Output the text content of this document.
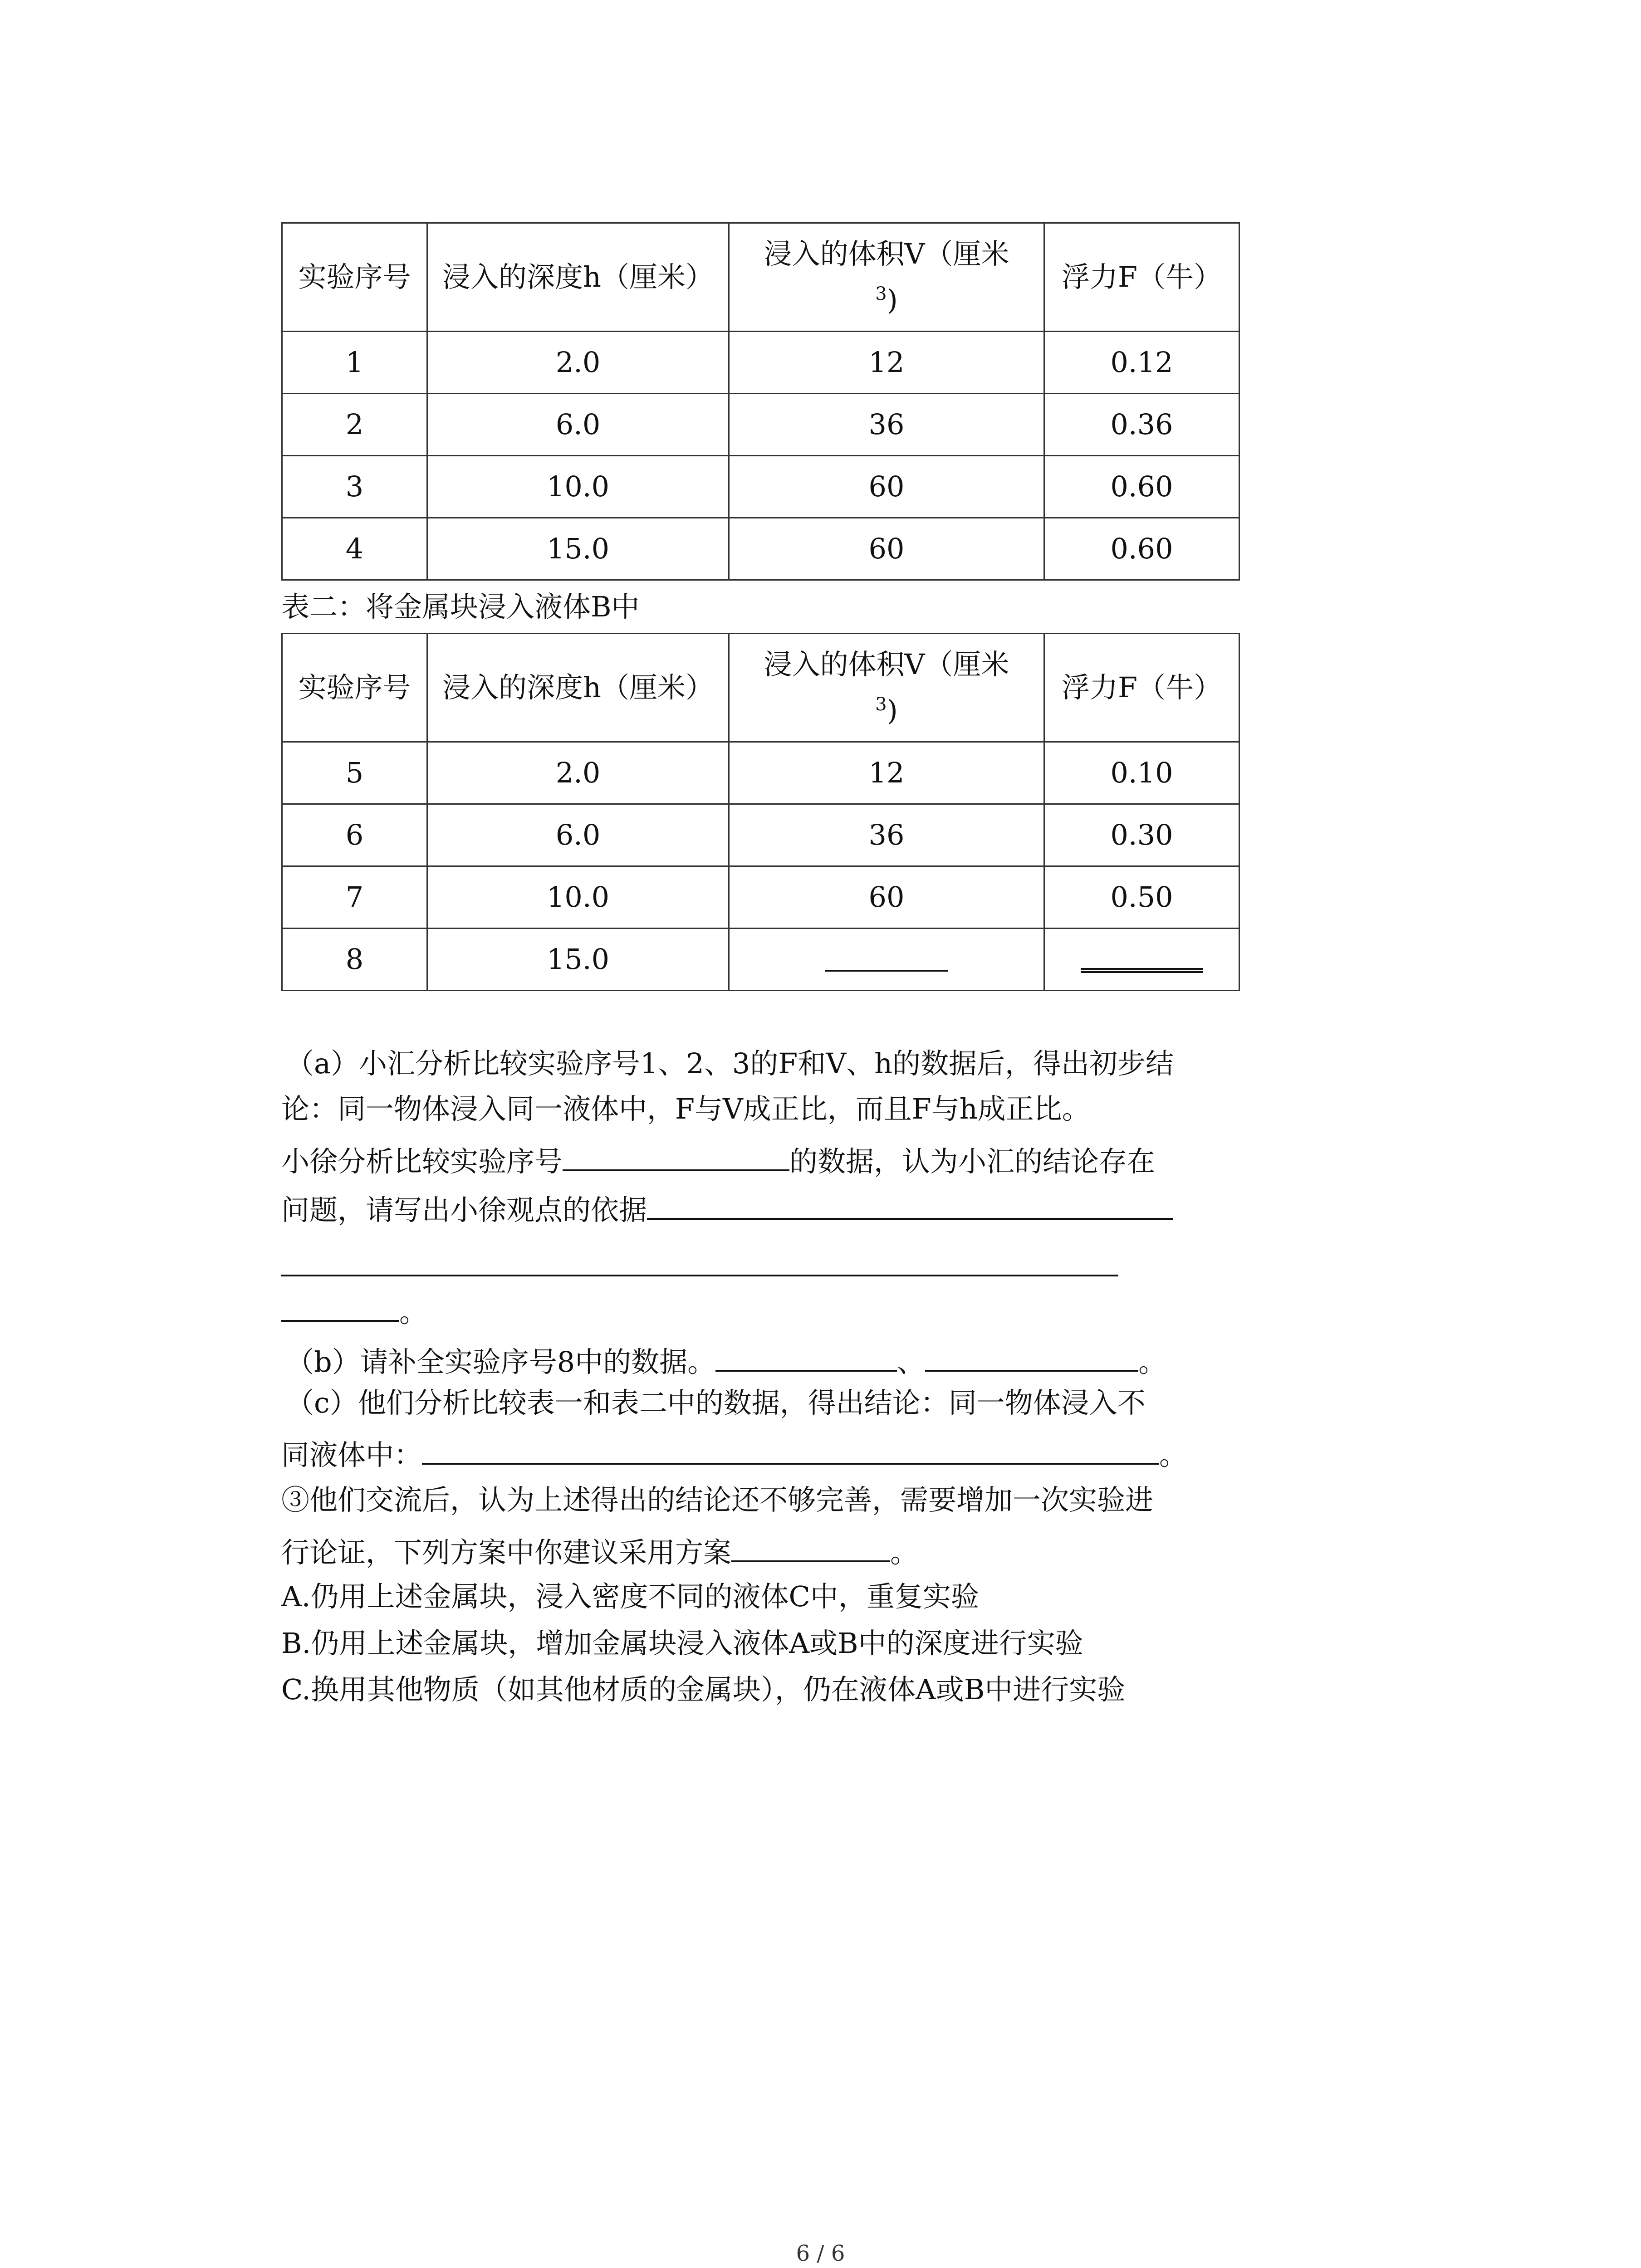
实验序号	浸入的深度h（厘米）	浸入的体积V（厘米
$^3$)	浮力F（牛）
1	2.0	12	0.12
2	6.0	36	0.36
3	10.0	60	0.60
4	15.0	60	0.60
表二：将金属块浸入液体B中
实验序号	浸入的深度h（厘米）	浸入的体积V（厘米
$^3$)	浮力F（牛）
5	2.0	12	0.10
6	6.0	36	0.30
7	10.0	60	0.50
8	15.0		
（a）小汇分析比较实验序号1、2、3的F和V、h的数据后，得出初步结
论：同一物体浸入同一液体中，F与V成正比，而且F与h成正比。
小徐分析比较实验序号	的数据，认为小汇的结论存在
问题，请写出小徐观点的依据
。
（b）请补全实验序号8中的数据。	、	。
（c）他们分析比较表一和表二中的数据，得出结论：同一物体浸入不
同液体中：	。
③他们交流后，认为上述得出的结论还不够完善，需要增加一次实验进
行论证，下列方案中你建议采用方案	。
A.仍用上述金属块，浸入密度不同的液体C中，重复实验
B.仍用上述金属块，增加金属块浸入液体A或B中的深度进行实验
C.换用其他物质（如其他材质的金属块），仍在液体A或B中进行实验
6 / 6
